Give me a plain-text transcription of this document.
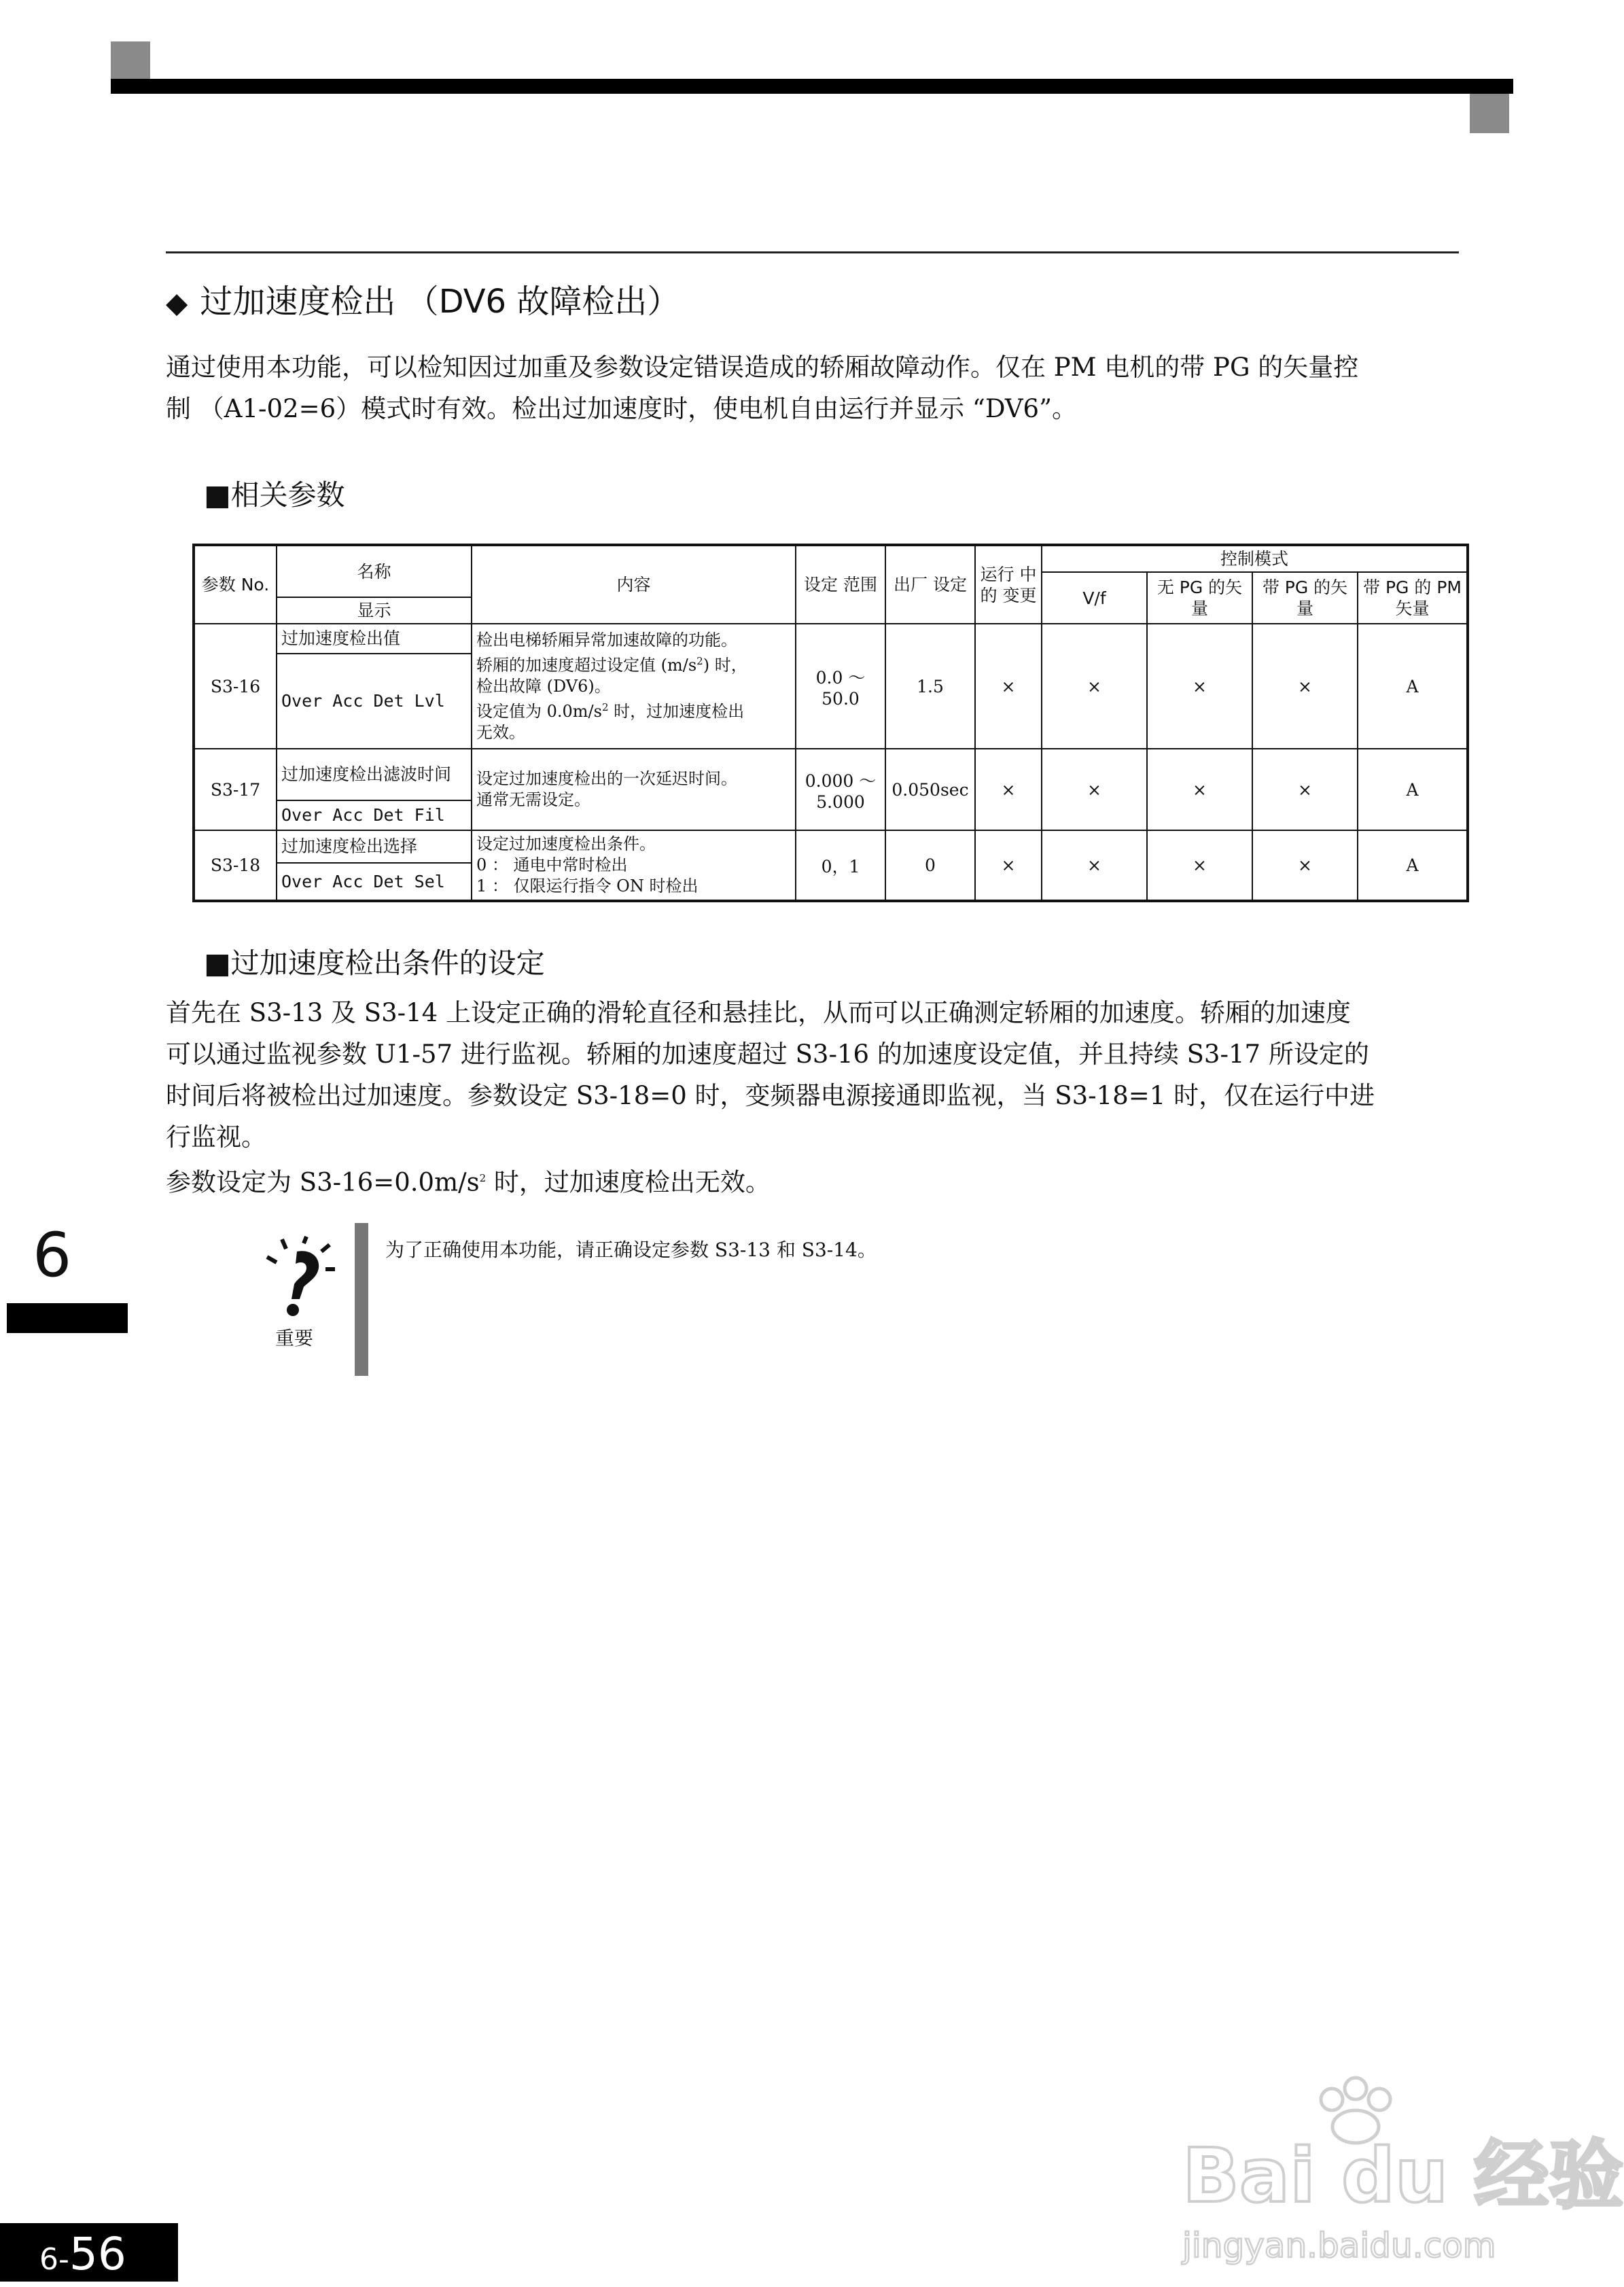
◆ 过加速度检出 （DV6 故障检出）
通过使用本功能，可以检知因过加重及参数设定错误造成的轿厢故障动作。仅在 PM 电机的带 PG 的矢量控
制 （A1-02=6）模式时有效。检出过加速度时，使电机自由运行并显示 “DV6”。
■相关参数
参数 No.	名称	内容	设定 范围	出厂 设定	运行 中的 变更	控制模式			
						V/f	无 PG 的矢 量	带 PG 的矢 量	带 PG 的 PM 矢量
	显示								
S3-16	过加速度检出值	检出电梯轿厢异常加速故障的功能。
轿厢的加速度超过设定值 $(m/s^2)$ 时，
检出故障 (DV6)。
设定值为 $0.0m/s^2$ 时，过加速度检出
无效。	0.0 ～ 50.0	1.5	×	×	×	×	A
	Over Acc Det Lvl								
S3-17	过加速度检出滤波时间	设定过加速度检出的一次延迟时间。
通常无需设定。	0.000 ～ 5.000	0.050sec	×	×	×	×	A
	Over Acc Det Fil								
S3-18	过加速度检出选择	设定过加速度检出条件。
0 ： 通电中常时检出
1 ： 仅限运行指令 ON 时检出	0，1	0	×	×	×	×	A
	Over Acc Det Sel								
■过加速度检出条件的设定
首先在 S3-13 及 S3-14 上设定正确的滑轮直径和悬挂比，从而可以正确测定轿厢的加速度。轿厢的加速度
可以通过监视参数 U1-57 进行监视。轿厢的加速度超过 S3-16 的加速度设定值，并且持续 S3-17 所设定的
时间后将被检出过加速度。参数设定 S3-18=0 时，变频器电源接通即监视，当 S3-18=1 时，仅在运行中进
行监视。
参数设定为 $S3-16=0.0m/s^2$ 时，过加速度检出无效。
6
重要
为了正确使用本功能，请正确设定参数 S3-13 和 S3-14。
6-56
Bai du 经验
jingyan.baidu.com
